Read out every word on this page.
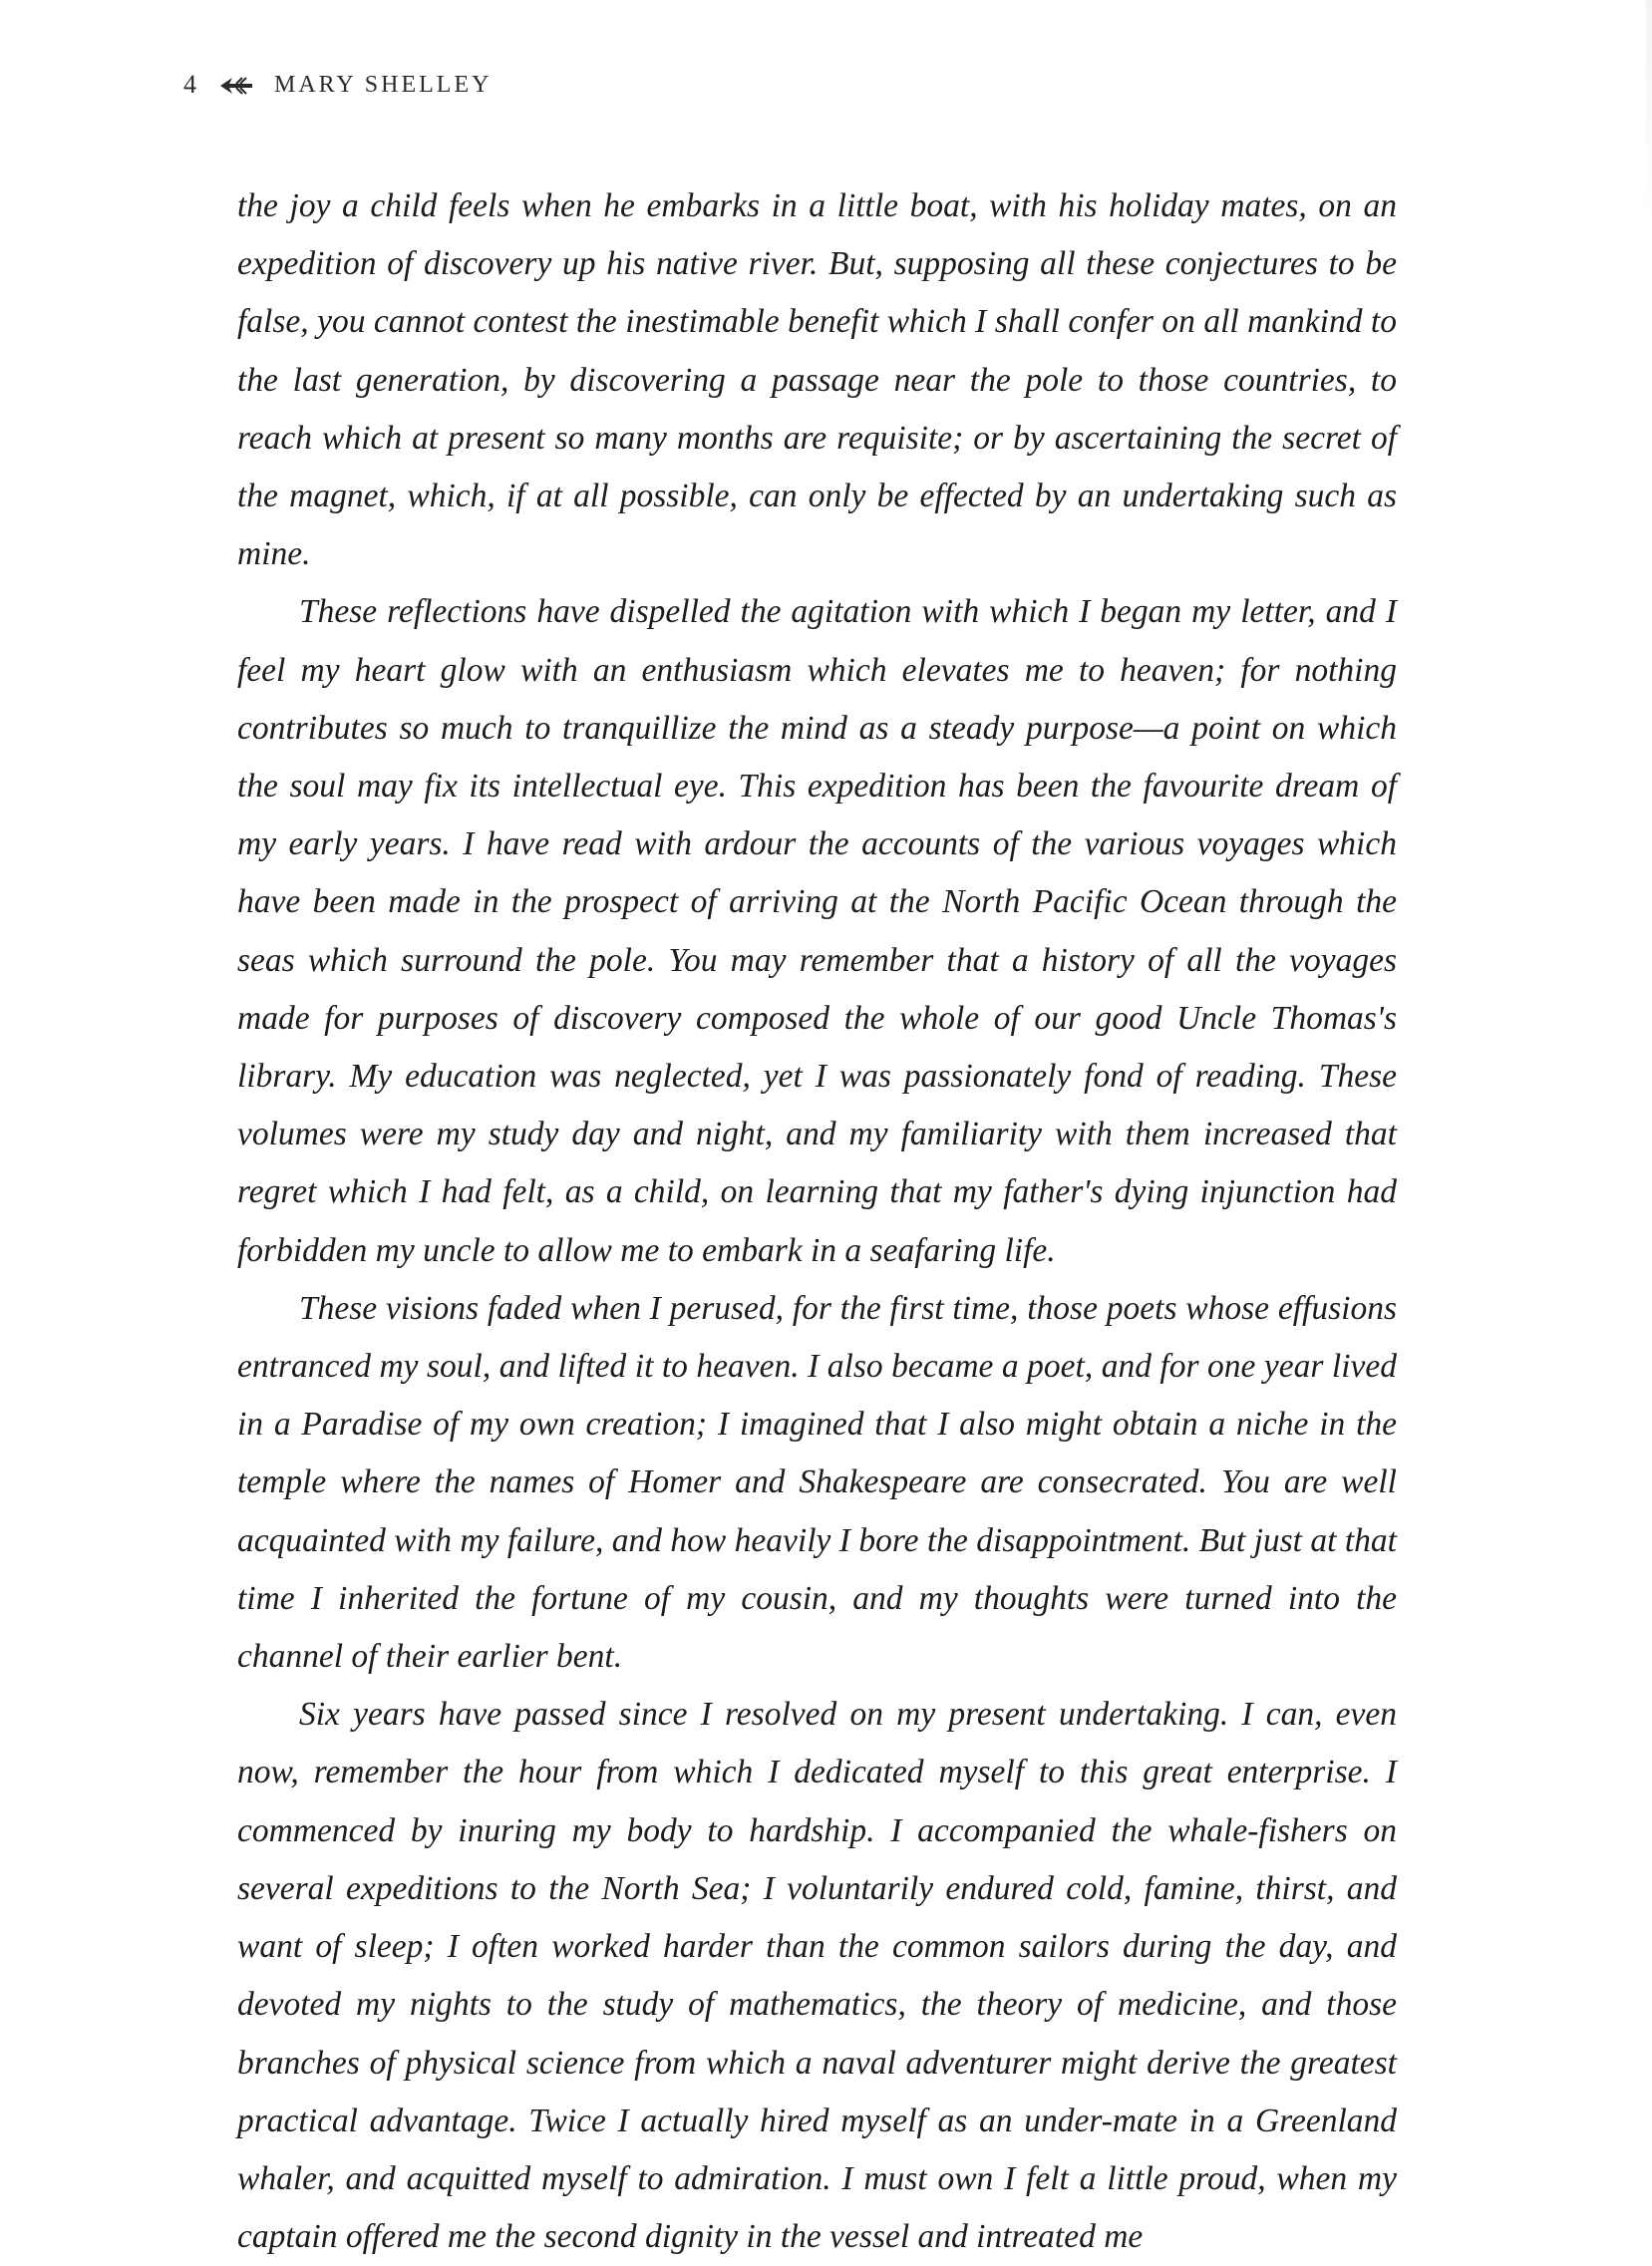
4	MARY SHELLEY

the joy a child feels when he embarks in a little boat, with his holiday mates, on an expedition of discovery up his native river. But, supposing all these conjectures to be false, you cannot contest the inestimable benefit which I shall confer on all mankind to the last generation, by discovering a passage near the pole to those countries, to reach which at present so many months are requisite; or by ascertaining the secret of the magnet, which, if at all possible, can only be effected by an undertaking such as mine.

These reflections have dispelled the agitation with which I began my letter, and I feel my heart glow with an enthusiasm which elevates me to heaven; for nothing contributes so much to tranquillize the mind as a steady purpose—a point on which the soul may fix its intellectual eye. This expedition has been the favourite dream of my early years. I have read with ardour the accounts of the various voyages which have been made in the prospect of arriving at the North Pacific Ocean through the seas which surround the pole. You may remember that a history of all the voyages made for purposes of discovery composed the whole of our good Uncle Thomas's library. My education was neglected, yet I was passionately fond of reading. These volumes were my study day and night, and my familiarity with them increased that regret which I had felt, as a child, on learning that my father's dying injunction had forbidden my uncle to allow me to embark in a seafaring life.

These visions faded when I perused, for the first time, those poets whose effusions entranced my soul, and lifted it to heaven. I also became a poet, and for one year lived in a Paradise of my own creation; I imagined that I also might obtain a niche in the temple where the names of Homer and Shakespeare are consecrated. You are well acquainted with my failure, and how heavily I bore the disappointment. But just at that time I inherited the fortune of my cousin, and my thoughts were turned into the channel of their earlier bent.

Six years have passed since I resolved on my present undertaking. I can, even now, remember the hour from which I dedicated myself to this great enterprise. I commenced by inuring my body to hardship. I accompanied the whale-fishers on several expeditions to the North Sea; I voluntarily endured cold, famine, thirst, and want of sleep; I often worked harder than the common sailors during the day, and devoted my nights to the study of mathematics, the theory of medicine, and those branches of physical science from which a naval adventurer might derive the greatest practical advantage. Twice I actually hired myself as an under-mate in a Greenland whaler, and acquitted myself to admiration. I must own I felt a little proud, when my captain offered me the second dignity in the vessel and intreated me
